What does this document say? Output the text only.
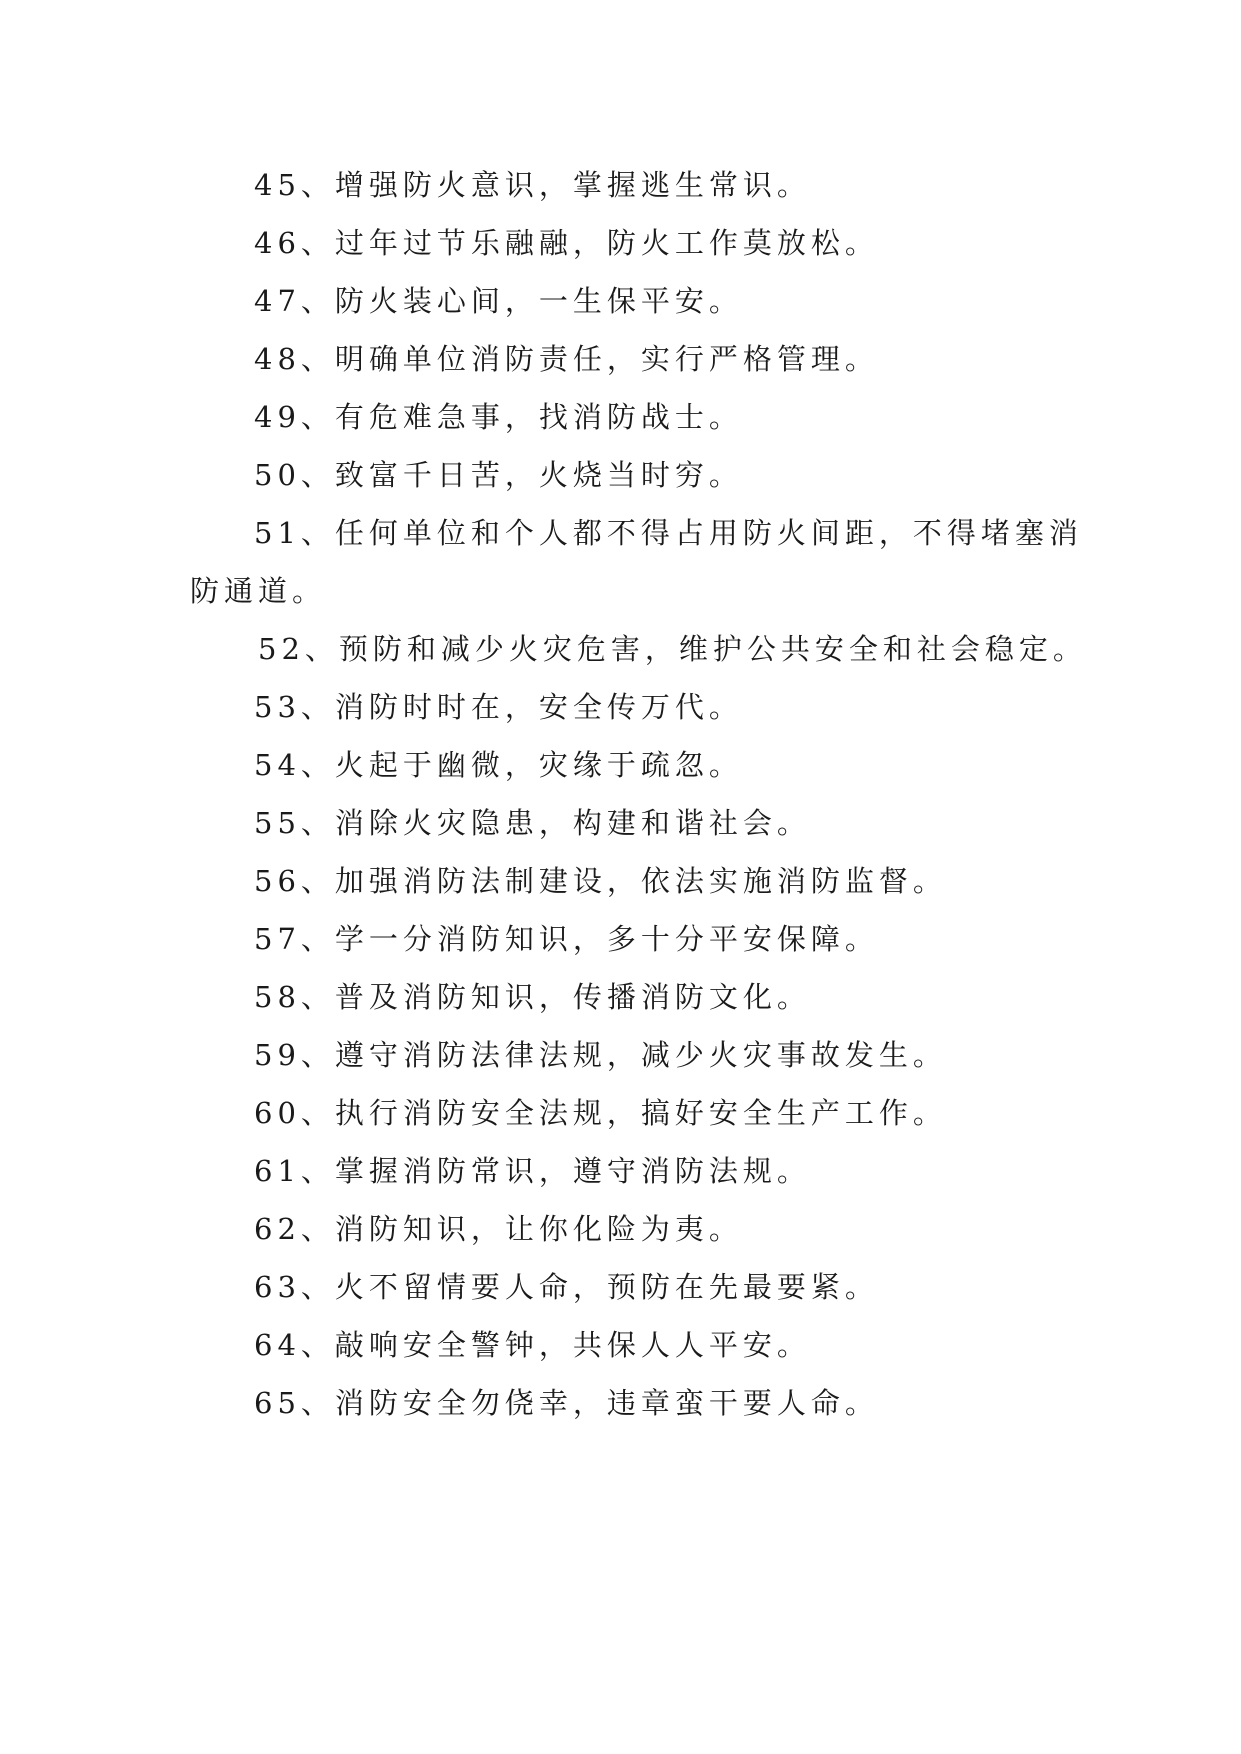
45、增强防火意识，掌握逃生常识。
46、过年过节乐融融，防火工作莫放松。
47、防火装心间，一生保平安。
48、明确单位消防责任，实行严格管理。
49、有危难急事，找消防战士。
50、致富千日苦，火烧当时穷。
51、任何单位和个人都不得占用防火间距，不得堵塞消
防通道。
52、预防和减少火灾危害，维护公共安全和社会稳定。
53、消防时时在，安全传万代。
54、火起于幽微，灾缘于疏忽。
55、消除火灾隐患，构建和谐社会。
56、加强消防法制建设，依法实施消防监督。
57、学一分消防知识，多十分平安保障。
58、普及消防知识，传播消防文化。
59、遵守消防法律法规，减少火灾事故发生。
60、执行消防安全法规，搞好安全生产工作。
61、掌握消防常识，遵守消防法规。
62、消防知识，让你化险为夷。
63、火不留情要人命，预防在先最要紧。
64、敲响安全警钟，共保人人平安。
65、消防安全勿侥幸，违章蛮干要人命。
